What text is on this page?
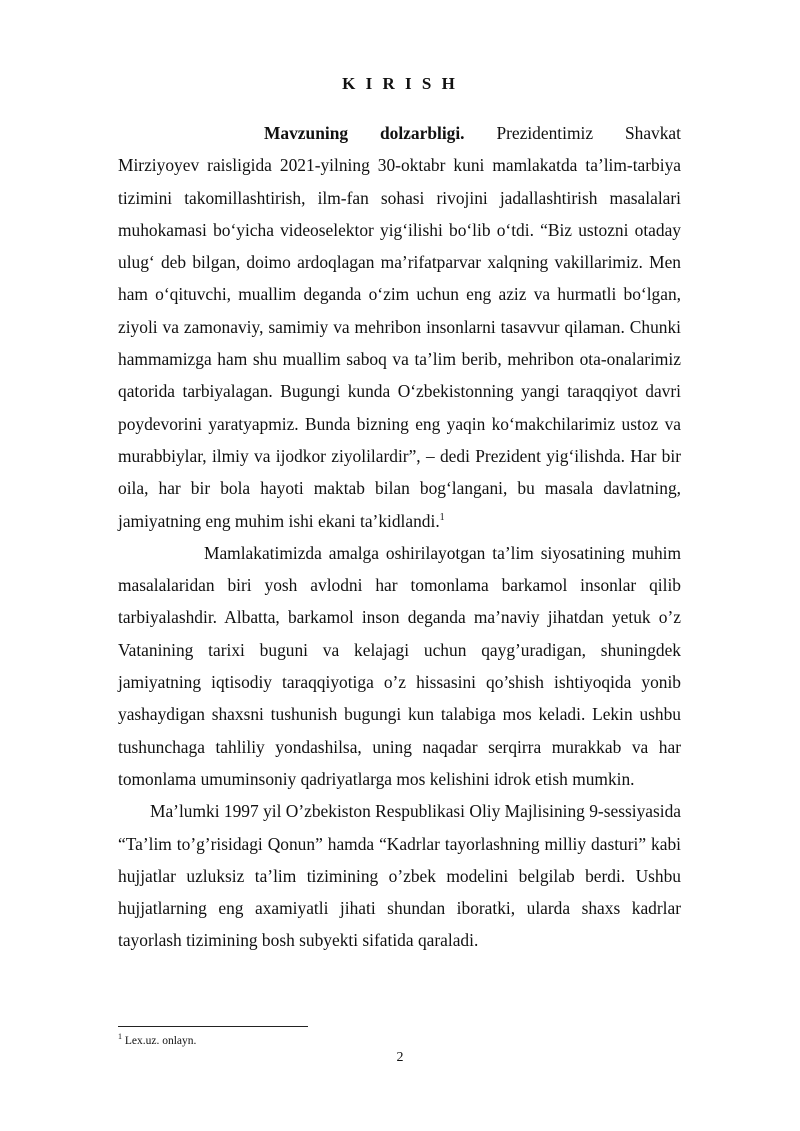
K I R I S H

Mavzuning dolzarbligi. Prezidentimiz Shavkat Mirziyoyev raisligida 2021-yilning 30-oktabr kuni mamlakatda ta’lim-tarbiya tizimini takomillashtirish, ilm-fan sohasi rivojini jadallashtirish masalalari muhokamasi bo‘yicha videoselektor yig‘ilishi bo‘lib o‘tdi. “Biz ustozni otaday ulug‘ deb bilgan, doimo ardoqlagan ma’rifatparvar xalqning vakillarimiz. Men ham o‘qituvchi, muallim deganda o‘zim uchun eng aziz va hurmatli bo‘lgan, ziyoli va zamonaviy, samimiy va mehribon insonlarni tasavvur qilaman. Chunki hammamizga ham shu muallim saboq va ta’lim berib, mehribon ota-onalarimiz qatorida tarbiyalagan. Bugungi kunda O‘zbekistonning yangi taraqqiyot davri poydevorini yaratyapmiz. Bunda bizning eng yaqin ko‘makchilarimiz ustoz va murabbiylar, ilmiy va ijodkor ziyolilardir”, – dedi Prezident yig‘ilishda. Har bir oila, har bir bola hayoti maktab bilan bog‘langani, bu masala davlatning, jamiyatning eng muhim ishi ekani ta’kidlandi.$^1$

Mamlakatimizda amalga oshirilayotgan ta’lim siyosatining muhim masalalaridan biri yosh avlodni har tomonlama barkamol insonlar qilib tarbiyalashdir. Albatta, barkamol inson deganda ma’naviy jihatdan yetuk o’z Vatanining tarixi buguni va kelajagi uchun qayg’uradigan, shuningdek jamiyatning iqtisodiy taraqqiyotiga o’z hissasini qo’shish ishtiyoqida yonib yashaydigan shaxsni tushunish bugungi kun talabiga mos keladi. Lekin ushbu tushunchaga tahliliy yondashilsa, uning naqadar serqirra murakkab va har tomonlama umuminsoniy qadriyatlarga mos kelishini idrok etish mumkin.

Ma’lumki 1997 yil O’zbekiston Respublikasi Oliy Majlisining 9-sessiyasida “Ta’lim to’g’risidagi Qonun” hamda “Kadrlar tayorlashning milliy dasturi” kabi hujjatlar uzluksiz ta’lim tizimining o’zbek modelini belgilab berdi. Ushbu hujjatlarning eng axamiyatli jihati shundan iboratki, ularda shaxs kadrlar tayorlash tizimining bosh subyekti sifatida qaraladi.

$^1$ Lex.uz. onlayn.
2
